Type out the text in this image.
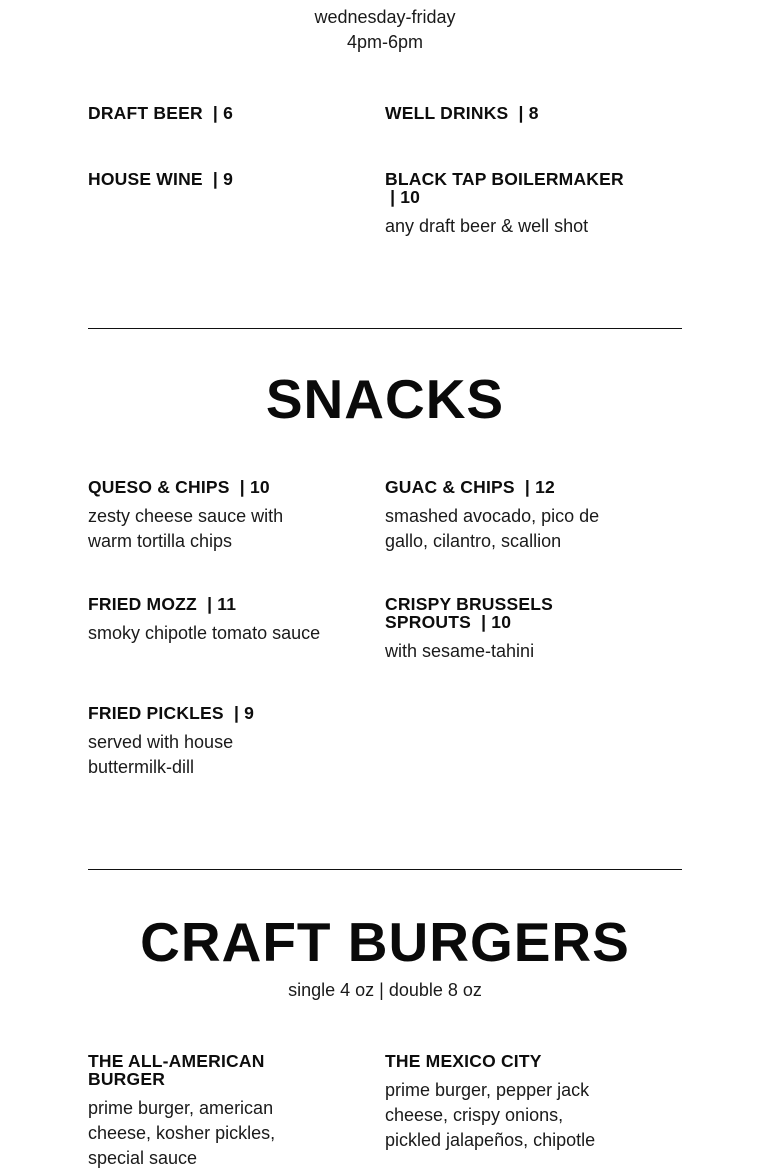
wednesday-friday
4pm-6pm
DRAFT BEER | 6	WELL DRINKS | 8
HOUSE WINE | 9	BLACK TAP BOILERMAKER
| 10
any draft beer & well shot
SNACKS
QUESO & CHIPS | 10
zesty cheese sauce with warm tortilla chips
GUAC & CHIPS | 12
smashed avocado, pico de gallo, cilantro, scallion
FRIED MOZZ | 11
smoky chipotle tomato sauce
CRISPY BRUSSELS SPROUTS | 10
with sesame-tahini
FRIED PICKLES | 9
served with house buttermilk-dill
CRAFT BURGERS
single 4 oz | double 8 oz
THE ALL-AMERICAN BURGER
prime burger, american cheese, kosher pickles, special sauce
THE MEXICO CITY
prime burger, pepper jack cheese, crispy onions, pickled jalapeños, chipotle
